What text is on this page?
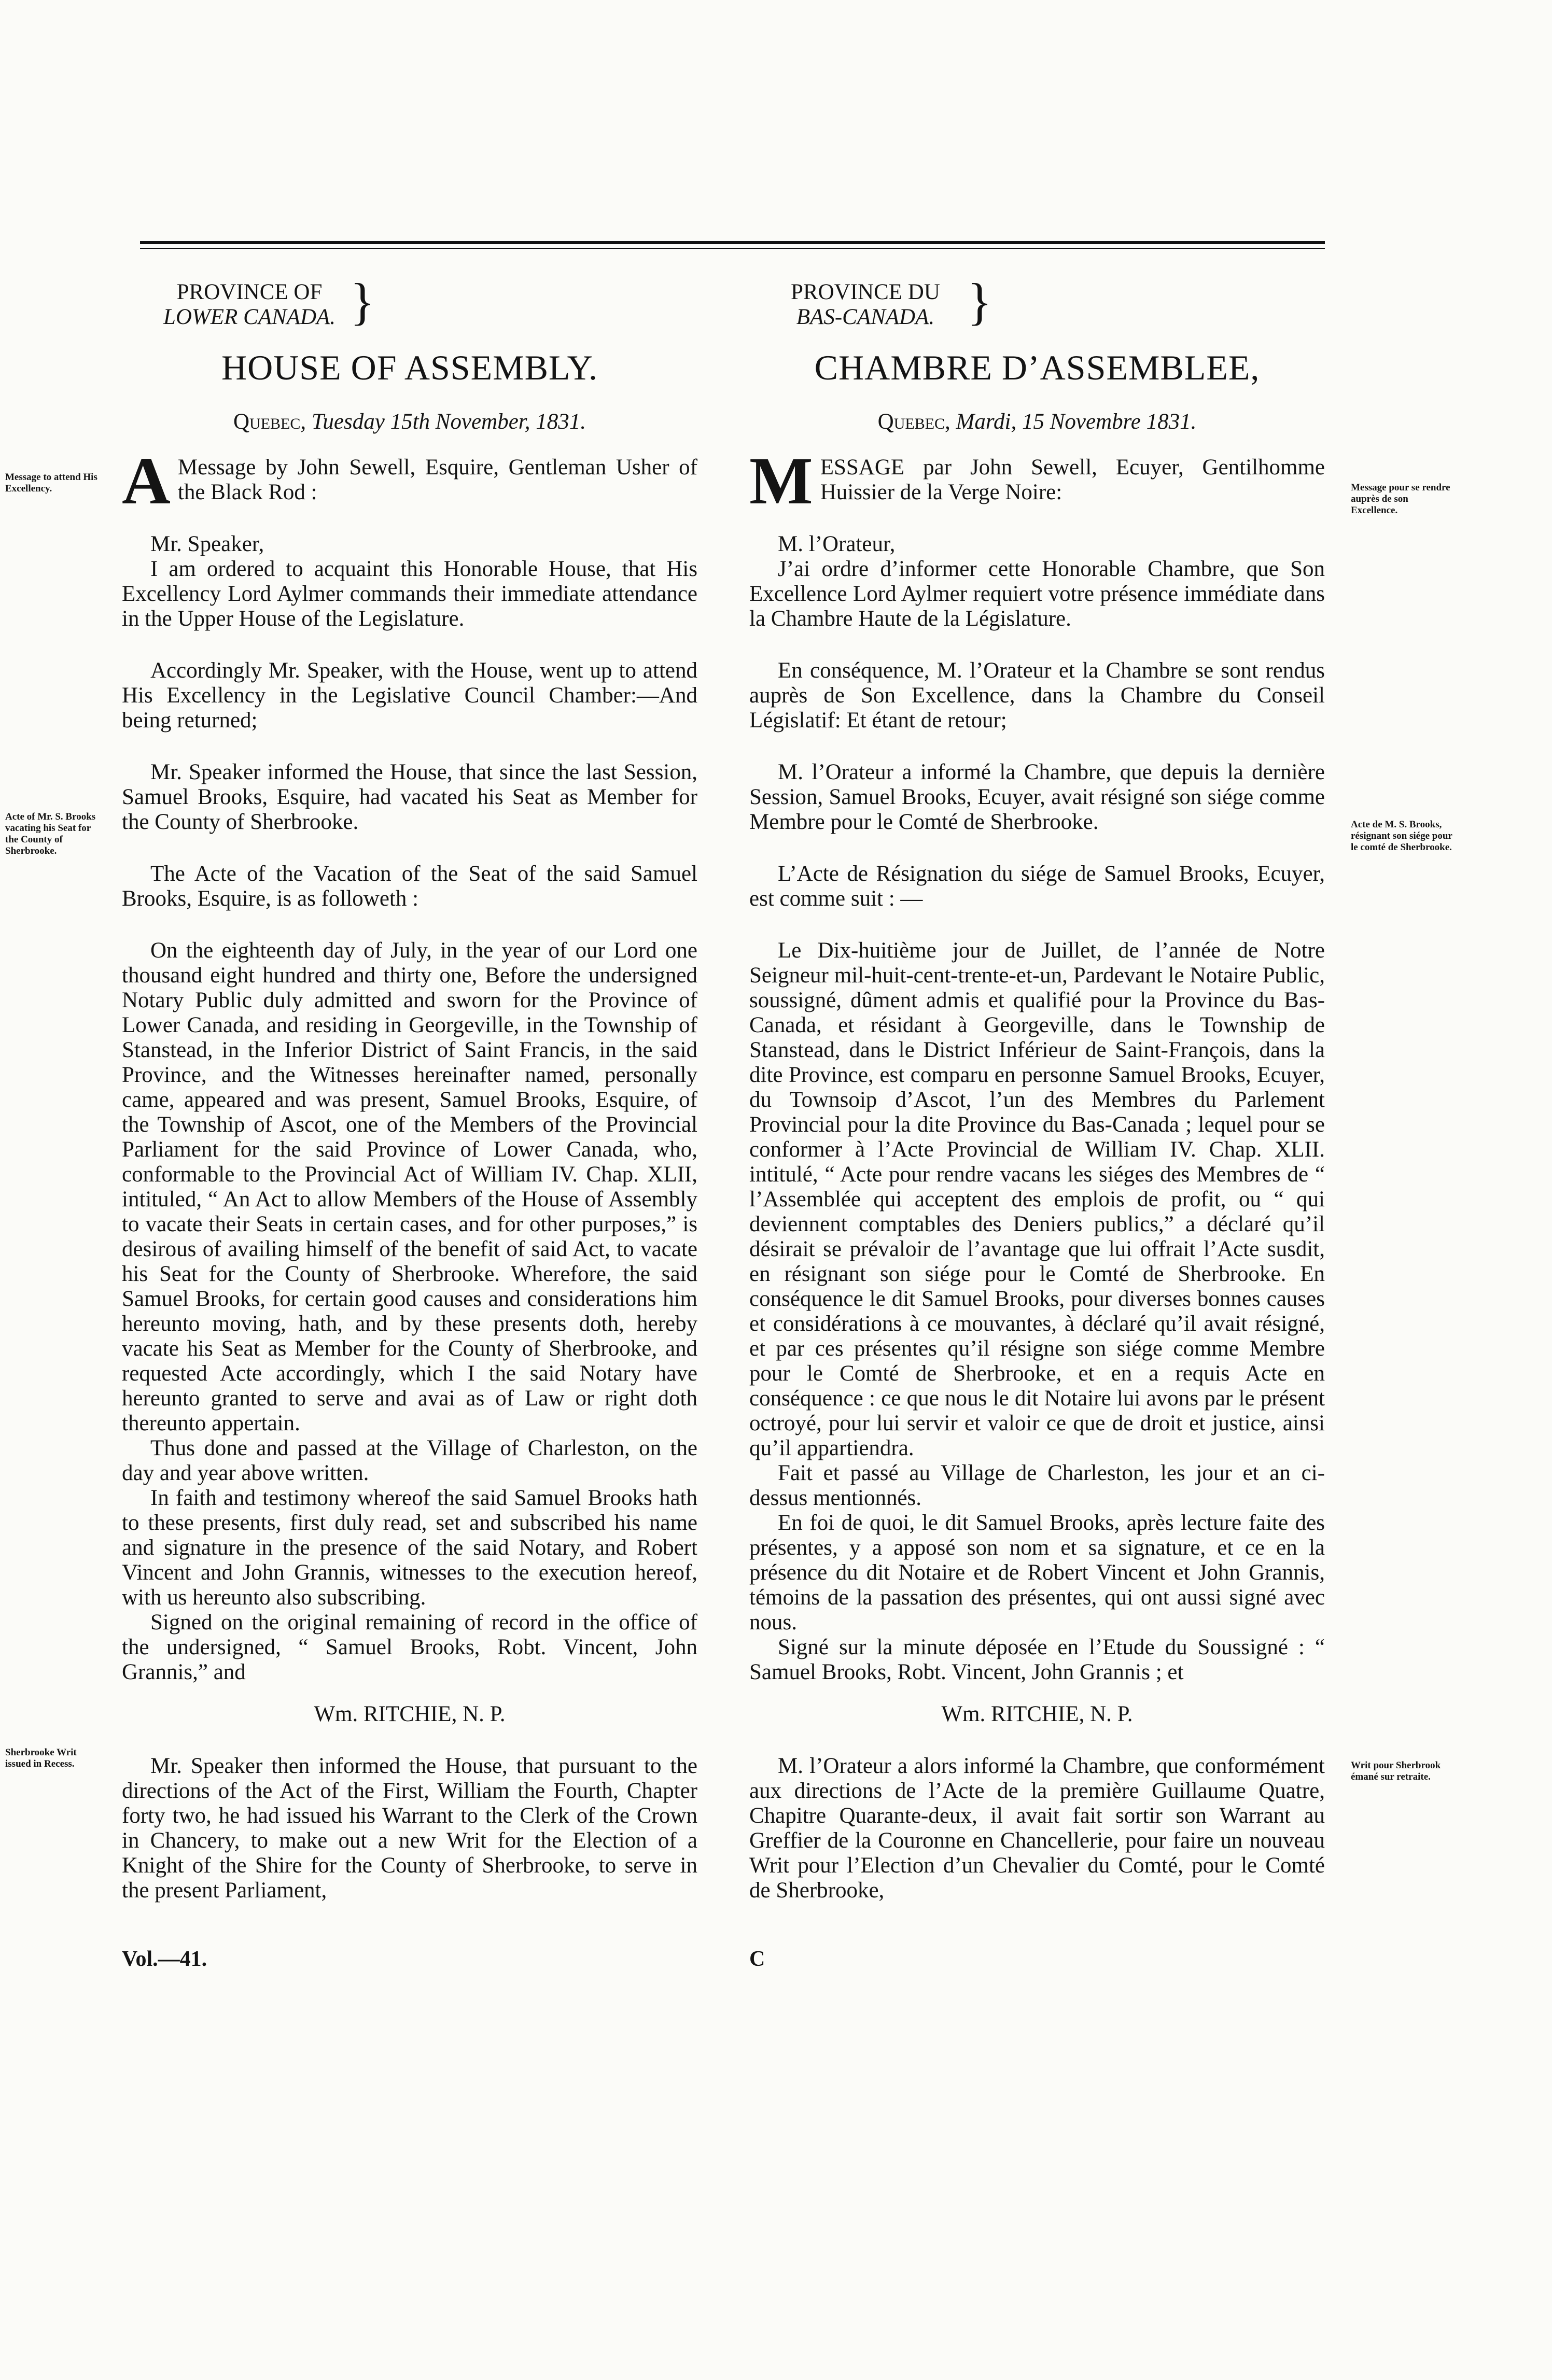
PROVINCE OF
LOWER CANADA. }
HOUSE OF ASSEMBLY.
Quebec, Tuesday 15th November, 1831.

A Message by John Sewell, Esquire, Gentleman Usher of the Black Rod :

Mr. Speaker,

I am ordered to acquaint this Honorable House, that His Excellency Lord Aylmer commands their immediate attendance in the Upper House of the Legislature.

Accordingly Mr. Speaker, with the House, went up to attend His Excellency in the Legislative Council Chamber:—And being returned;

Mr. Speaker informed the House, that since the last Session, Samuel Brooks, Esquire, had vacated his Seat as Member for the County of Sherbrooke.

The Acte of the Vacation of the Seat of the said Samuel Brooks, Esquire, is as followeth :

On the eighteenth day of July, in the year of our Lord one thousand eight hundred and thirty one, Before the undersigned Notary Public duly admitted and sworn for the Province of Lower Canada, and residing in Georgeville, in the Township of Stanstead, in the Inferior District of Saint Francis, in the said Province, and the Witnesses hereinafter named, personally came, appeared and was present, Samuel Brooks, Esquire, of the Township of Ascot, one of the Members of the Provincial Parliament for the said Province of Lower Canada, who, conformable to the Provincial Act of William IV. Chap. XLII, intituled, “ An Act to allow Members of the House of Assembly to vacate their Seats in certain cases, and for other purposes,” is desirous of availing himself of the benefit of said Act, to vacate his Seat for the County of Sherbrooke. Wherefore, the said Samuel Brooks, for certain good causes and considerations him hereunto moving, hath, and by these presents doth, hereby vacate his Seat as Member for the County of Sherbrooke, and requested Acte accordingly, which I the said Notary have hereunto granted to serve and avai as of Law or right doth thereunto appertain.

Thus done and passed at the Village of Charleston, on the day and year above written.

In faith and testimony whereof the said Samuel Brooks hath to these presents, first duly read, set and subscribed his name and signature in the presence of the said Notary, and Robert Vincent and John Grannis, witnesses to the execution hereof, with us hereunto also subscribing.

Signed on the original remaining of record in the office of the undersigned, “ Samuel Brooks, Robt. Vincent, John Grannis,” and

Wm. RITCHIE, N. P.

Mr. Speaker then informed the House, that pursuant to the directions of the Act of the First, William the Fourth, Chapter forty two, he had issued his Warrant to the Clerk of the Crown in Chancery, to make out a new Writ for the Election of a Knight of the Shire for the County of Sherbrooke, to serve in the present Parliament,

Vol.—41.
PROVINCE DU
BAS-CANADA. }
CHAMBRE D’ASSEMBLEE,
Quebec, Mardi, 15 Novembre 1831.

MESSAGE par John Sewell, Ecuyer, Gentilhomme Huissier de la Verge Noire:

M. l’Orateur,

J’ai ordre d’informer cette Honorable Chambre, que Son Excellence Lord Aylmer requiert votre présence immédiate dans la Chambre Haute de la Législature.

En conséquence, M. l’Orateur et la Chambre se sont rendus auprès de Son Excellence, dans la Chambre du Conseil Législatif: Et étant de retour;

M. l’Orateur a informé la Chambre, que depuis la dernière Session, Samuel Brooks, Ecuyer, avait résigné son siége comme Membre pour le Comté de Sherbrooke.

L’Acte de Résignation du siége de Samuel Brooks, Ecuyer, est comme suit : —

Le Dix-huitième jour de Juillet, de l’année de Notre Seigneur mil-huit-cent-trente-et-un, Pardevant le Notaire Public, soussigné, dûment admis et qualifié pour la Province du Bas-Canada, et résidant à Georgeville, dans le Township de Stanstead, dans le District Inférieur de Saint-François, dans la dite Province, est comparu en personne Samuel Brooks, Ecuyer, du Townsoip d’Ascot, l’un des Membres du Parlement Provincial pour la dite Province du Bas-Canada ; lequel pour se conformer à l’Acte Provincial de William IV. Chap. XLII. intitulé, “ Acte pour rendre vacans les siéges des Membres de “ l’Assemblée qui acceptent des emplois de profit, ou “ qui deviennent comptables des Deniers publics,” a déclaré qu’il désirait se prévaloir de l’avantage que lui offrait l’Acte susdit, en résignant son siége pour le Comté de Sherbrooke. En conséquence le dit Samuel Brooks, pour diverses bonnes causes et considérations à ce mouvantes, à déclaré qu’il avait résigné, et par ces présentes qu’il résigne son siége comme Membre pour le Comté de Sherbrooke, et en a requis Acte en conséquence : ce que nous le dit Notaire lui avons par le présent octroyé, pour lui servir et valoir ce que de droit et justice, ainsi qu’il appartiendra.

Fait et passé au Village de Charleston, les jour et an ci-dessus mentionnés.

En foi de quoi, le dit Samuel Brooks, après lecture faite des présentes, y a apposé son nom et sa signature, et ce en la présence du dit Notaire et de Robert Vincent et John Grannis, témoins de la passation des présentes, qui ont aussi signé avec nous.

Signé sur la minute déposée en l’Etude du Soussigné : “ Samuel Brooks, Robt. Vincent, John Grannis ; et

Wm. RITCHIE, N. P.

M. l’Orateur a alors informé la Chambre, que conformément aux directions de l’Acte de la première Guillaume Quatre, Chapitre Quarante-deux, il avait fait sortir son Warrant au Greffier de la Couronne en Chancellerie, pour faire un nouveau Writ pour l’Election d’un Chevalier du Comté, pour le Comté de Sherbrooke,

C
Message to attend His Excellency.
Acte of Mr. S. Brooks vacating his Seat for the County of Sherbrooke.
Sherbrooke Writ issued in Recess.
Message pour se rendre auprès de son Excellence.
Acte de M. S. Brooks, résignant son siége pour le comté de Sherbrooke.
Writ pour Sherbrook émané sur retraite.
